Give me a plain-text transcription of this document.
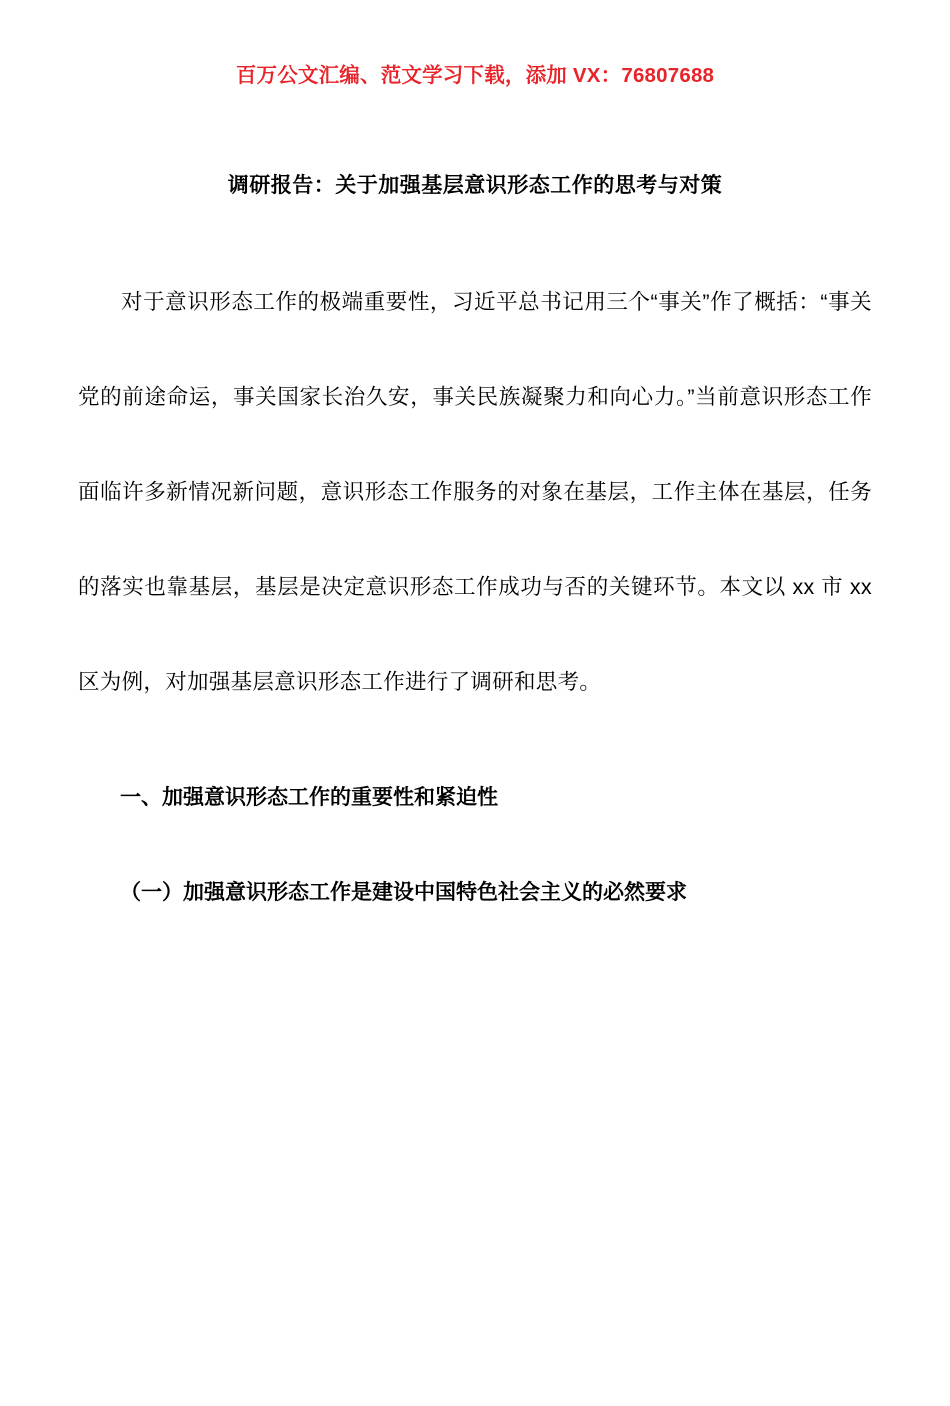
百万公文汇编、范文学习下载，添加 VX：76807688
调研报告：关于加强基层意识形态工作的思考与对策

对于意识形态工作的极端重要性，习近平总书记用三个“事关”作了概括：“事关党的前途命运，事关国家长治久安，事关民族凝聚力和向心力。”当前意识形态工作面临许多新情况新问题，意识形态工作服务的对象在基层，工作主体在基层，任务的落实也靠基层，基层是决定意识形态工作成功与否的关键环节。本文以 xx 市 xx 区为例，对加强基层意识形态工作进行了调研和思考。

一、加强意识形态工作的重要性和紧迫性

（一）加强意识形态工作是建设中国特色社会主义的必然要求
